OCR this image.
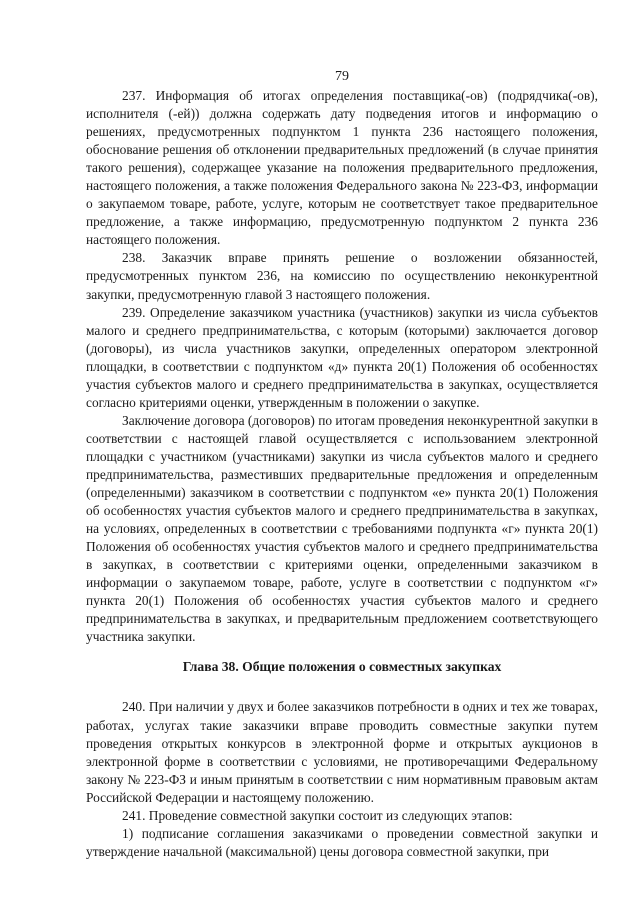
79

237. Информация об итогах определения поставщика(-ов) (подрядчика(-ов), исполнителя (-ей)) должна содержать дату подведения итогов и информацию о решениях, предусмотренных подпунктом 1 пункта 236 настоящего положения, обоснование решения об отклонении предварительных предложений (в случае принятия такого решения), содержащее указание на положения предварительного предложения, настоящего положения, а также положения Федерального закона № 223-ФЗ, информации о закупаемом товаре, работе, услуге, которым не соответствует такое предварительное предложение, а также информацию, предусмотренную подпунктом 2 пункта 236 настоящего положения.

238. Заказчик вправе принять решение о возложении обязанностей, предусмотренных пунктом 236, на комиссию по осуществлению неконкурентной закупки, предусмотренную главой 3 настоящего положения.

239. Определение заказчиком участника (участников) закупки из числа субъектов малого и среднего предпринимательства, с которым (которыми) заключается договор (договоры), из числа участников закупки, определенных оператором электронной площадки, в соответствии с подпунктом «д» пункта 20(1) Положения об особенностях участия субъектов малого и среднего предпринимательства в закупках, осуществляется согласно критериями оценки, утвержденным в положении о закупке.

Заключение договора (договоров) по итогам проведения неконкурентной закупки в соответствии с настоящей главой осуществляется с использованием электронной площадки с участником (участниками) закупки из числа субъектов малого и среднего предпринимательства, разместивших предварительные предложения и определенным (определенными) заказчиком в соответствии с подпунктом «е» пункта 20(1) Положения об особенностях участия субъектов малого и среднего предпринимательства в закупках, на условиях, определенных в соответствии с требованиями подпункта «г» пункта 20(1) Положения об особенностях участия субъектов малого и среднего предпринимательства в закупках, в соответствии с критериями оценки, определенными заказчиком в информации о закупаемом товаре, работе, услуге в соответствии с подпунктом «г» пункта 20(1) Положения об особенностях участия субъектов малого и среднего предпринимательства в закупках, и предварительным предложением соответствующего участника закупки.

Глава 38. Общие положения о совместных закупках

240. При наличии у двух и более заказчиков потребности в одних и тех же товарах, работах, услугах такие заказчики вправе проводить совместные закупки путем проведения открытых конкурсов в электронной форме и открытых аукционов в электронной форме в соответствии с условиями, не противоречащими Федеральному закону № 223-ФЗ и иным принятым в соответствии с ним нормативным правовым актам Российской Федерации и настоящему положению.

241. Проведение совместной закупки состоит из следующих этапов:

1) подписание соглашения заказчиками о проведении совместной закупки и утверждение начальной (максимальной) цены договора совместной закупки, при
